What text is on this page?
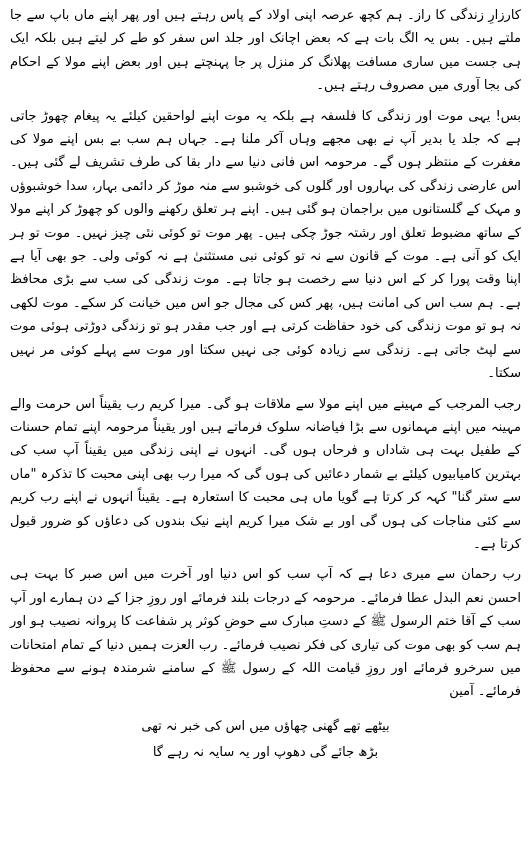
کارزارِ زندگی کا راز۔ ہم کچھ عرصہ اپنی اولاد کے پاس رہتے ہیں اور پھر اپنے ماں باپ سے جا ملتے ہیں۔ بس یہ الگ بات ہے کہ بعض اچانک اور جلد اس سفر کو طے کر لیتے ہیں بلکہ ایک ہی جست میں ساری مسافت پھلانگ کر منزل پر جا پہنچتے ہیں اور بعض اپنے مولا کے احکام کی بجا آوری میں مصروف رہتے ہیں۔

بس! یہی موت اور زندگی کا فلسفہ ہے بلکہ یہ موت اپنے لواحقین کیلئے یہ پیغام چھوڑ جاتی ہے کہ جلد یا بدیر آپ نے بھی مجھے وہاں آکر ملنا ہے۔ جہاں ہم سب بے بس اپنے مولا کی مغفرت کے منتظر ہوں گے۔ مرحومہ اس فانی دنیا سے دار بقا کی طرف تشریف لے گئی ہیں۔ اس عارضی زندگی کی بہاروں اور گلوں کی خوشبو سے منہ موڑ کر دائمی بہار، سدا خوشبوؤں و مہک کے گلستانوں میں براجمان ہو گئی ہیں۔ اپنے ہر تعلق رکھنے والوں کو چھوڑ کر اپنے مولا کے ساتھ مضبوط تعلق اور رشتہ جوڑ چکی ہیں۔ پھر موت تو کوئی نئی چیز نہیں۔ موت تو ہر ایک کو آنی ہے۔ موت کے قانون سے نہ تو کوئی نبی مستثنیٰ ہے نہ کوئی ولی۔ جو بھی آیا ہے اپنا وقت پورا کر کے اس دنیا سے رخصت ہو جاتا ہے۔ موت زندگی کی سب سے بڑی محافظ ہے۔ ہم سب اس کی امانت ہیں، پھر کس کی مجال جو اس میں خیانت کر سکے۔ موت لکھی نہ ہو تو موت زندگی کی خود حفاظت کرتی ہے اور جب مقدر ہو تو زندگی دوڑتی ہوئی موت سے لپٹ جاتی ہے۔ زندگی سے زیادہ کوئی جی نہیں سکتا اور موت سے پہلے کوئی مر نہیں سکتا۔

رجب المرجب کے مہینے میں اپنے مولا سے ملاقات ہو گی۔ میرا کریم رب یقیناً اس حرمت والے مہینہ میں اپنے مہمانوں سے بڑا فیاضانہ سلوک فرماتے ہیں اور یقیناً مرحومہ اپنے تمام حسنات کے طفیل بہت ہی شاداں و فرحاں ہوں گی۔ انہوں نے اپنی زندگی میں یقیناً آپ سب کی بہترین کامیابیوں کیلئے بے شمار دعائیں کی ہوں گی کہ میرا رب بھی اپنی محبت کا تذکرہ "ماں سے ستر گنا" کہہ کر کرتا ہے گویا ماں ہی محبت کا استعارہ ہے۔ یقیناً انہوں نے اپنے رب کریم سے کئی مناجات کی ہوں گی اور بے شک میرا کریم اپنے نیک بندوں کی دعاؤں کو ضرور قبول کرتا ہے۔

رب رحمان سے میری دعا ہے کہ آپ سب کو اس دنیا اور آخرت میں اس صبر کا بہت ہی احسن نعم البدل عطا فرمائے۔ مرحومہ کے درجات بلند فرمائے اور روزِ جزا کے دن ہمارے اور آپ سب کے آقا ختم الرسول ﷺ کے دستِ مبارک سے حوضِ کوثر پر شفاعت کا پروانہ نصیب ہو اور ہم سب کو بھی موت کی تیاری کی فکر نصیب فرمائے۔ رب العزت ہمیں دنیا کے تمام امتحانات میں سرخرو فرمائے اور روزِ قیامت اللہ کے رسول ﷺ کے سامنے شرمندہ ہونے سے محفوظ فرمائے۔ آمین

بیٹھے تھے گھنی چھاؤں میں اس کی خبر نہ تھی
بڑھ جائے گی دھوپ اور یہ سایہ نہ رہے گا
